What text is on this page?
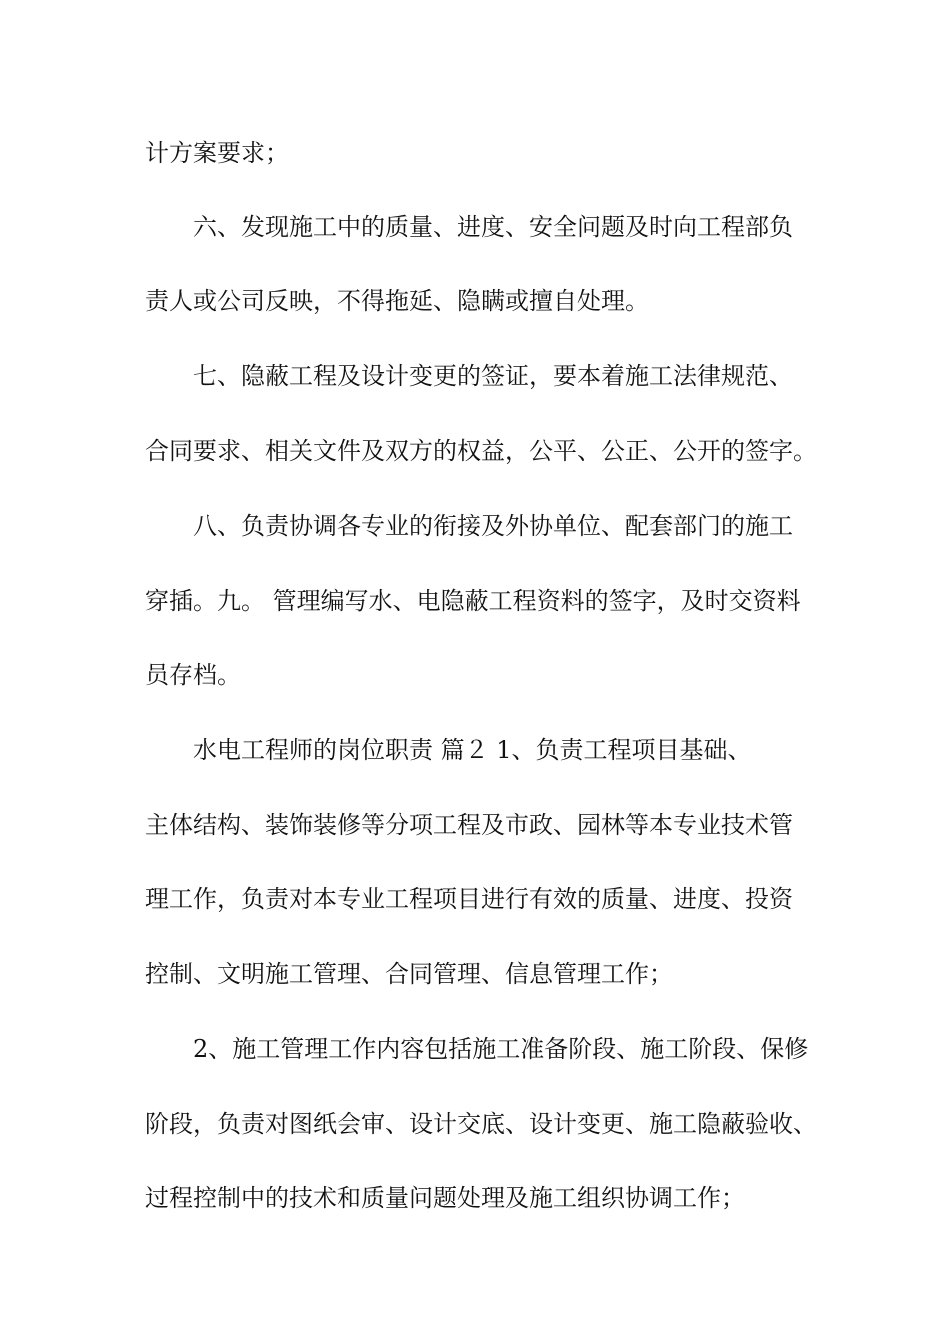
计方案要求；
六、发现施工中的质量、进度、安全问题及时向工程部负
责人或公司反映，不得拖延、隐瞒或擅自处理。
七、隐蔽工程及设计变更的签证，要本着施工法律规范、
合同要求、相关文件及双方的权益，公平、公正、公开的签字。
八、负责协调各专业的衔接及外协单位、配套部门的施工
穿插。九。 管理编写水、电隐蔽工程资料的签字，及时交资料
员存档。
水电工程师的岗位职责 篇２ 1、负责工程项目基础、
主体结构、装饰装修等分项工程及市政、园林等本专业技术管
理工作，负责对本专业工程项目进行有效的质量、进度、投资
控制、文明施工管理、合同管理、信息管理工作；
2、施工管理工作内容包括施工准备阶段、施工阶段、保修
阶段，负责对图纸会审、设计交底、设计变更、施工隐蔽验收、
过程控制中的技术和质量问题处理及施工组织协调工作；
